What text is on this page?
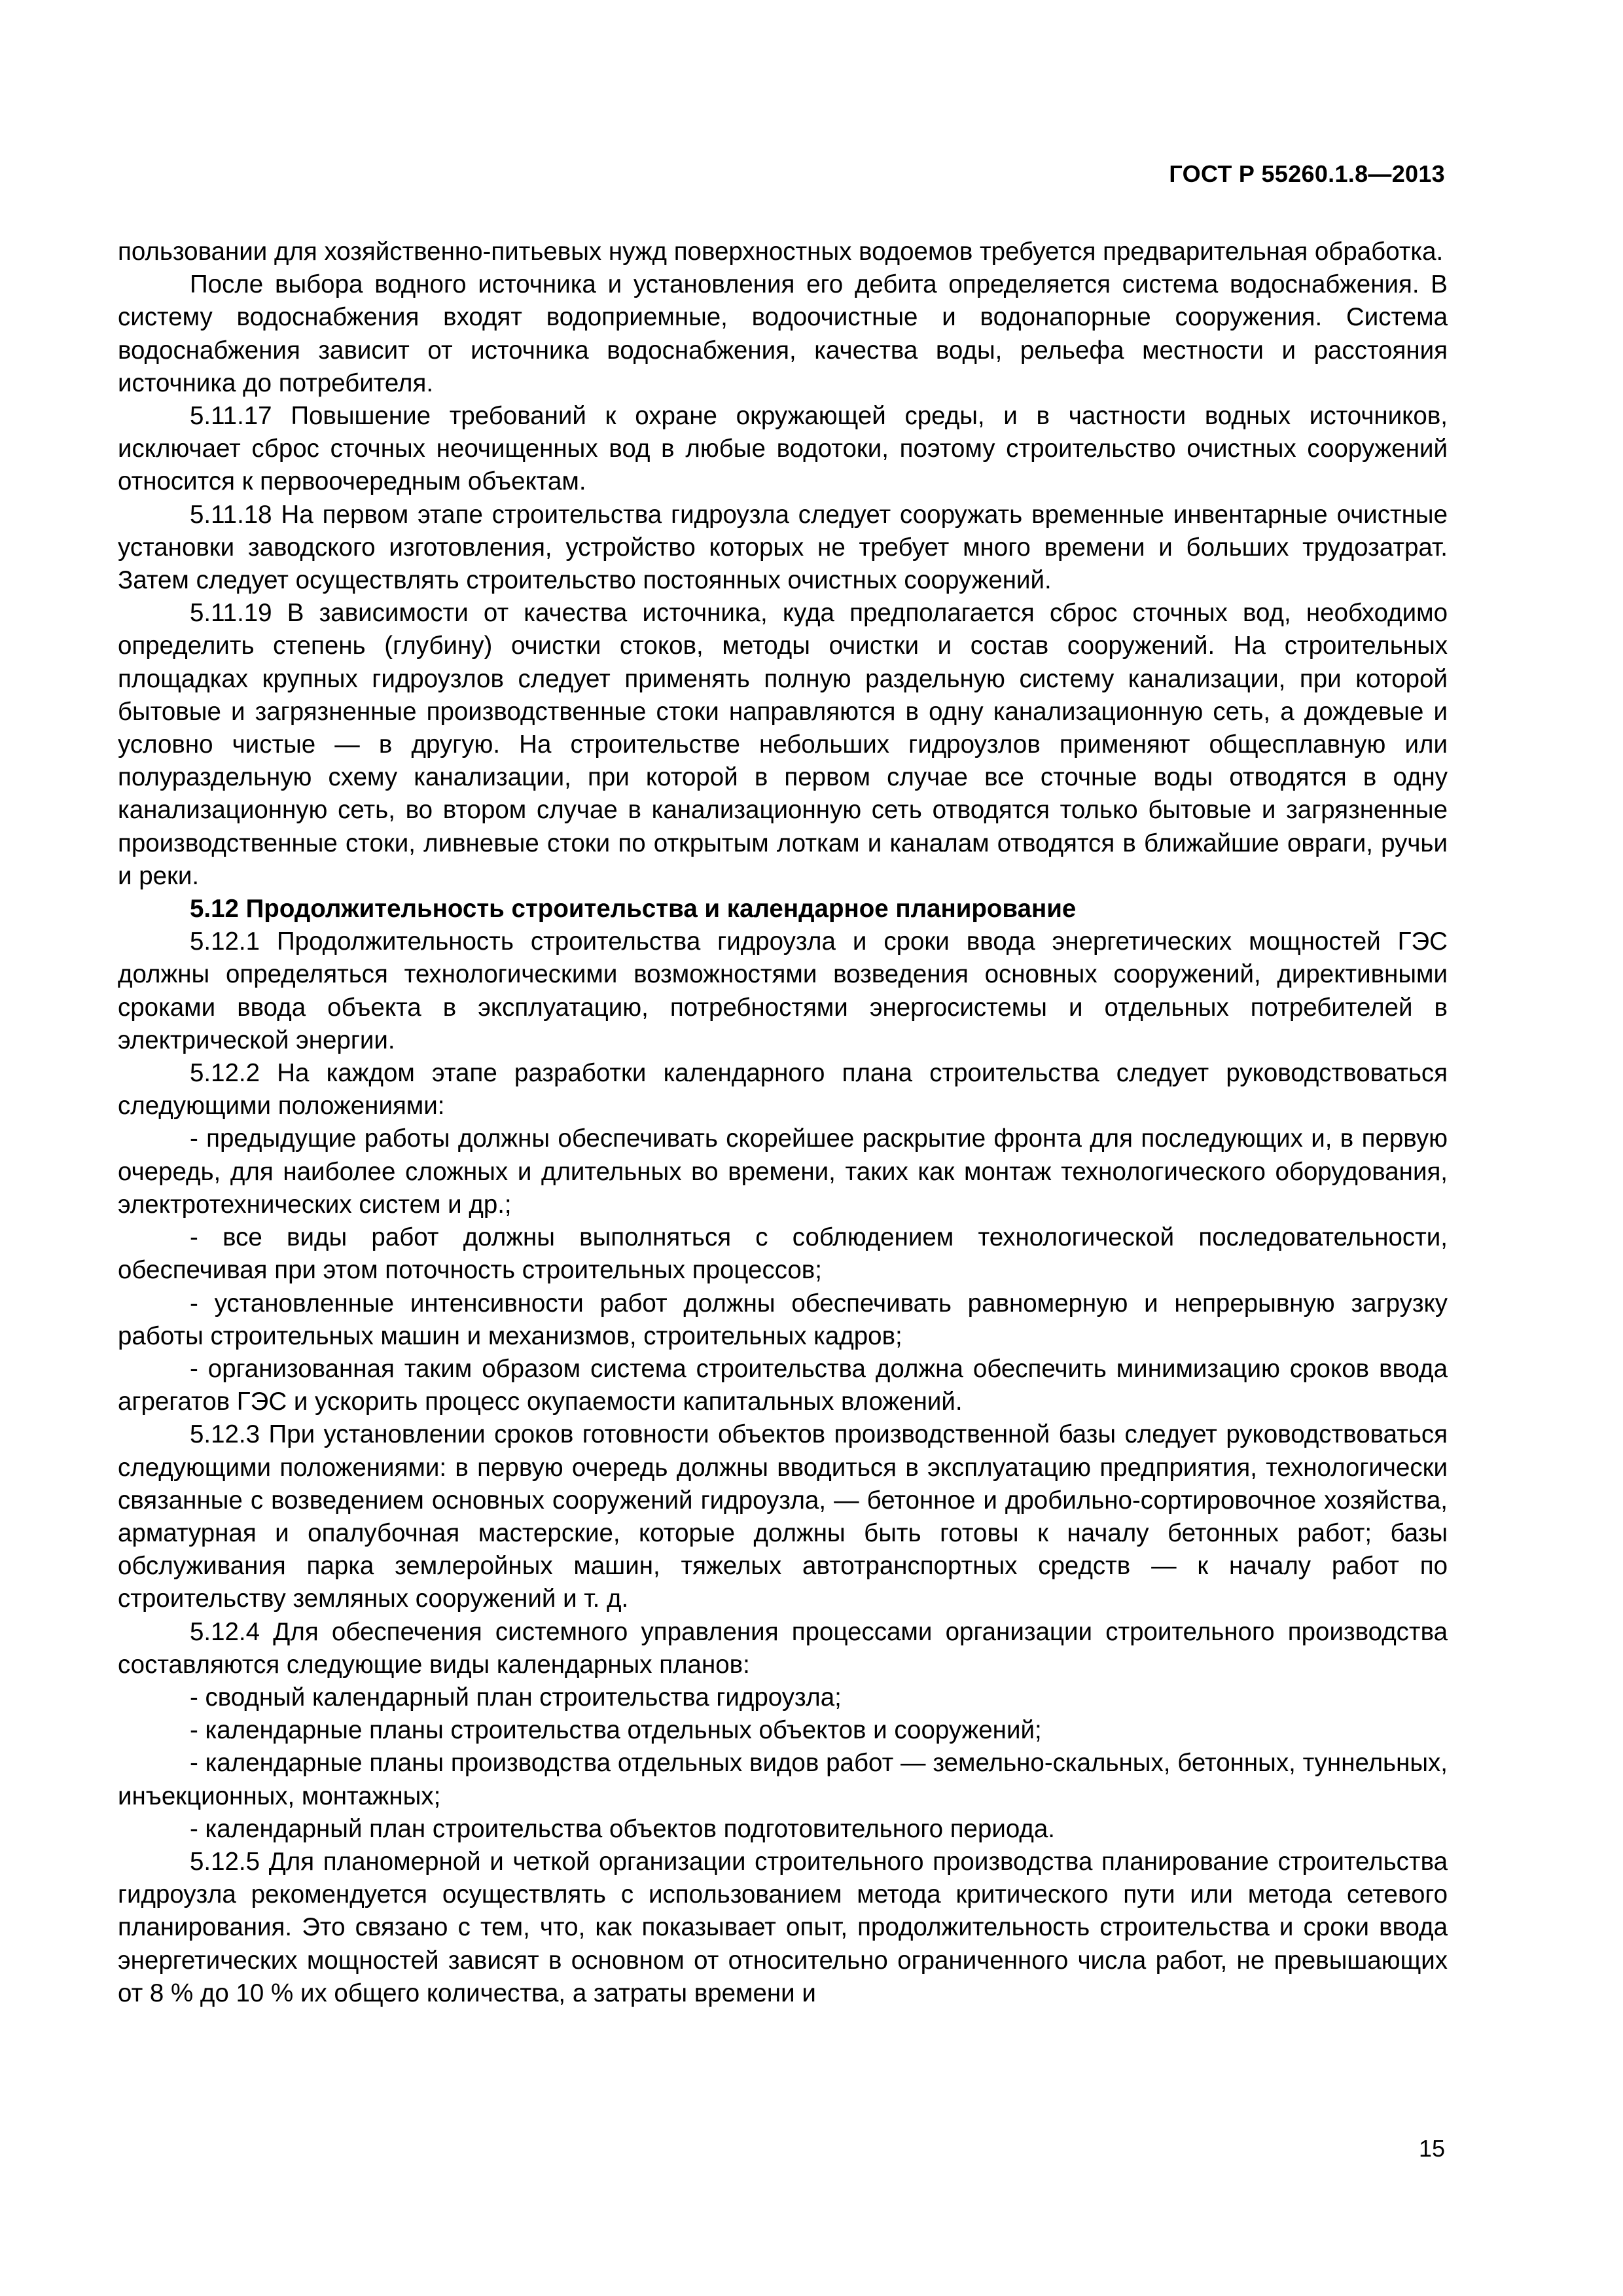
ГОСТ Р 55260.1.8—2013

пользовании для хозяйственно-питьевых нужд поверхностных водоемов требуется предварительная обработка.

После выбора водного источника и установления его дебита определяется система водоснабжения. В систему водоснабжения входят водоприемные, водоочистные и водонапорные сооружения. Система водоснабжения зависит от источника водоснабжения, качества воды, рельефа местности и расстояния источника до потребителя.

5.11.17 Повышение требований к охране окружающей среды, и в частности водных источников, исключает сброс сточных неочищенных вод в любые водотоки, поэтому строительство очистных сооружений относится к первоочередным объектам.

5.11.18 На первом этапе строительства гидроузла следует сооружать временные инвентарные очистные установки заводского изготовления, устройство которых не требует много времени и больших трудозатрат. Затем следует осуществлять строительство постоянных очистных сооружений.

5.11.19 В зависимости от качества источника, куда предполагается сброс сточных вод, необходимо определить степень (глубину) очистки стоков, методы очистки и состав сооружений. На строительных площадках крупных гидроузлов следует применять полную раздельную систему канализации, при которой бытовые и загрязненные производственные стоки направляются в одну канализационную сеть, а дождевые и условно чистые — в другую. На строительстве небольших гидроузлов применяют общесплавную или полураздельную схему канализации, при которой в первом случае все сточные воды отводятся в одну канализационную сеть, во втором случае в канализационную сеть отводятся только бытовые и загрязненные производственные стоки, ливневые стоки по открытым лоткам и каналам отводятся в ближайшие овраги, ручьи и реки.

5.12 Продолжительность строительства и календарное планирование

5.12.1 Продолжительность строительства гидроузла и сроки ввода энергетических мощностей ГЭС должны определяться технологическими возможностями возведения основных сооружений, директивными сроками ввода объекта в эксплуатацию, потребностями энергосистемы и отдельных потребителей в электрической энергии.

5.12.2 На каждом этапе разработки календарного плана строительства следует руководствоваться следующими положениями:

- предыдущие работы должны обеспечивать скорейшее раскрытие фронта для последующих и, в первую очередь, для наиболее сложных и длительных во времени, таких как монтаж технологического оборудования, электротехнических систем и др.;

- все виды работ должны выполняться с соблюдением технологической последовательности, обеспечивая при этом поточность строительных процессов;

- установленные интенсивности работ должны обеспечивать равномерную и непрерывную загрузку работы строительных машин и механизмов, строительных кадров;

- организованная таким образом система строительства должна обеспечить минимизацию сроков ввода агрегатов ГЭС и ускорить процесс окупаемости капитальных вложений.

5.12.3 При установлении сроков готовности объектов производственной базы следует руководствоваться следующими положениями: в первую очередь должны вводиться в эксплуатацию предприятия, технологически связанные с возведением основных сооружений гидроузла, — бетонное и дробильно-сортировочное хозяйства, арматурная и опалубочная мастерские, которые должны быть готовы к началу бетонных работ; базы обслуживания парка землеройных машин, тяжелых автотранспортных средств — к началу работ по строительству земляных сооружений и т. д.

5.12.4 Для обеспечения системного управления процессами организации строительного производства составляются следующие виды календарных планов:

- сводный календарный план строительства гидроузла;

- календарные планы строительства отдельных объектов и сооружений;

- календарные планы производства отдельных видов работ — земельно-скальных, бетонных, туннельных, инъекционных, монтажных;

- календарный план строительства объектов подготовительного периода.

5.12.5 Для планомерной и четкой организации строительного производства планирование строительства гидроузла рекомендуется осуществлять с использованием метода критического пути или метода сетевого планирования. Это связано с тем, что, как показывает опыт, продолжительность строительства и сроки ввода энергетических мощностей зависят в основном от относительно ограниченного числа работ, не превышающих от 8 % до 10 % их общего количества, а затраты времени и

15
